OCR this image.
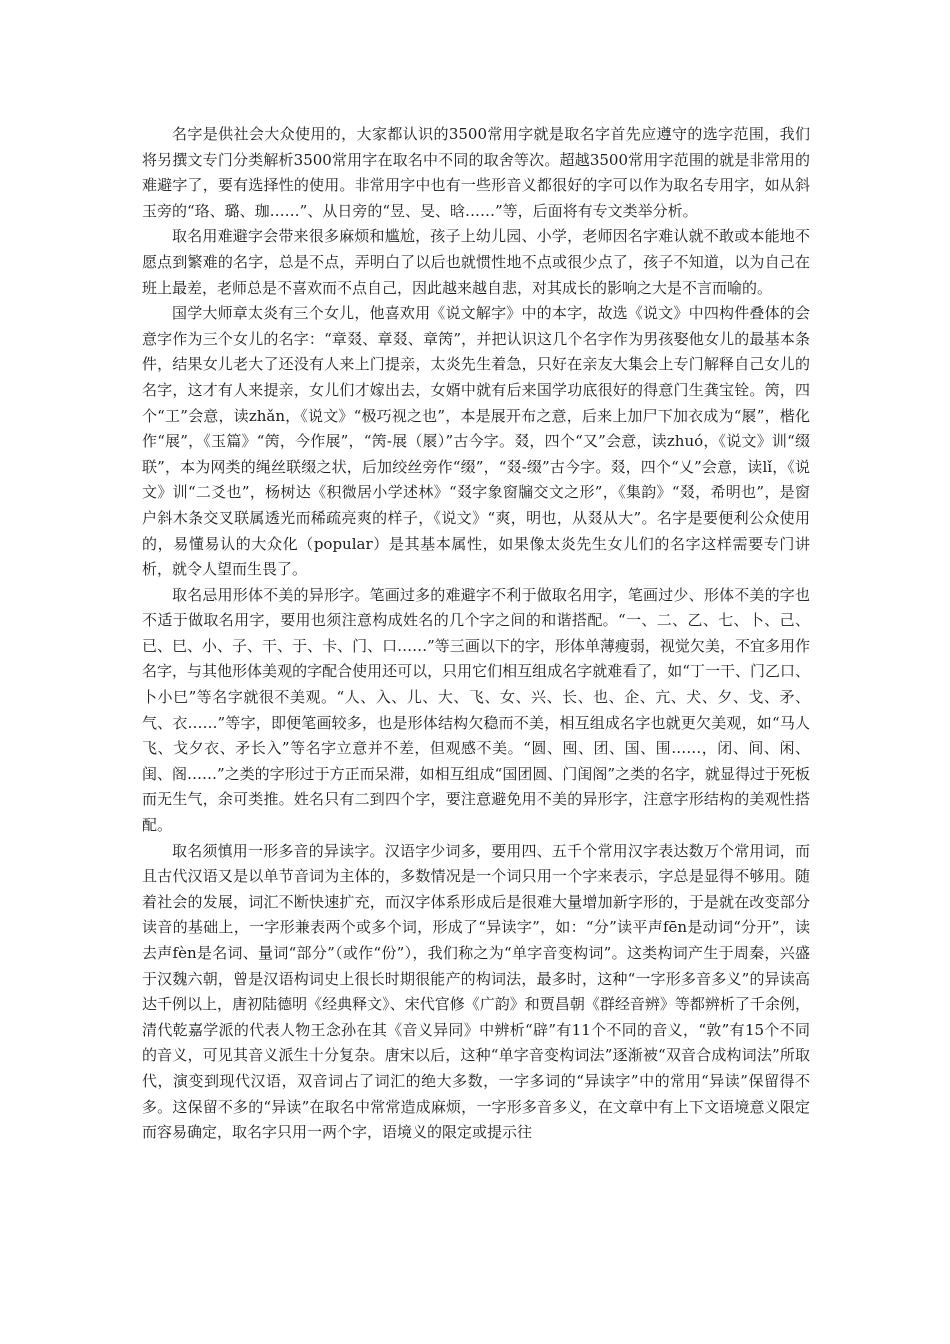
名字是供社会大众使用的，大家都认识的3500常用字就是取名字首先应遵守的选字范围，我们将另撰文专门分类解析3500常用字在取名中不同的取舍等次。超越3500常用字范围的就是非常用的难避字了，要有选择性的使用。非常用字中也有一些形音义都很好的字可以作为取名专用字，如从斜玉旁的“珞、璐、珈……”、从日旁的“昱、旻、晗……”等，后面将有专文类举分析。

取名用难避字会带来很多麻烦和尴尬，孩子上幼儿园、小学，老师因名字难认就不敢或本能地不愿点到繁难的名字，总是不点，弄明白了以后也就惯性地不点或很少点了，孩子不知道，以为自己在班上最差，老师总是不喜欢而不点自己，因此越来越自悲，对其成长的影响之大是不言而喻的。

国学大师章太炎有三个女儿，他喜欢用《说文解字》中的本字，故选《说文》中四构件叠体的会意字作为三个女儿的名字：“章叕、章叕、章䇤”，并把认识这几个名字作为男孩娶他女儿的最基本条件，结果女儿老大了还没有人来上门提亲，太炎先生着急，只好在亲友大集会上专门解释自己女儿的名字，这才有人来提亲，女儿们才嫁出去，女婿中就有后来国学功底很好的得意门生龚宝铨。䇤，四个“工”会意，读zhǎn，《说文》“极巧视之也”，本是展开布之意，后来上加尸下加衣成为“㞡”，楷化作“展”，《玉篇》“䇤，今作展”，“䇤-展（㞡）”古今字。叕，四个“又”会意，读zhuó，《说文》训“缀联”，本为网类的绳丝联缀之状，后加绞丝旁作“缀”，“叕-缀”古今字。叕，四个“乂”会意，读lǐ，《说文》训“二爻也”，杨树达《积微居小学述林》“叕字象窗牖交文之形”，《集韵》“叕，希明也”，是窗户斜木条交叉联属透光而稀疏亮爽的样子，《说文》“爽，明也，从叕从大”。名字是要便利公众使用的，易懂易认的大众化（popular）是其基本属性，如果像太炎先生女儿们的名字这样需要专门讲析，就令人望而生畏了。

取名忌用形体不美的异形字。笔画过多的难避字不利于做取名用字，笔画过少、形体不美的字也不适于做取名用字，要用也须注意构成姓名的几个字之间的和谐搭配。“一、二、乙、七、卜、己、已、巳、小、子、干、于、卡、门、口……”等三画以下的字，形体单薄瘦弱，视觉欠美，不宜多用作名字，与其他形体美观的字配合使用还可以，只用它们相互组成名字就难看了，如“丁一干、门乙口、卜小巳”等名字就很不美观。“人、入、儿、大、飞、女、兴、长、也、企、亢、犬、夕、戈、矛、气、衣……”等字，即便笔画较多，也是形体结构欠稳而不美，相互组成名字也就更欠美观，如“马人飞、戈夕衣、矛长入”等名字立意并不差，但观感不美。“圆、囤、团、国、围……，闭、间、闲、闺、阁……”之类的字形过于方正而呆滞，如相互组成“国团圆、门闺阁”之类的名字，就显得过于死板而无生气，余可类推。姓名只有二到四个字，要注意避免用不美的异形字，注意字形结构的美观性搭配。

取名须慎用一形多音的异读字。汉语字少词多，要用四、五千个常用汉字表达数万个常用词，而且古代汉语又是以单节音词为主体的，多数情况是一个词只用一个字来表示，字总是显得不够用。随着社会的发展，词汇不断快速扩充，而汉字体系形成后是很难大量增加新字形的，于是就在改变部分读音的基础上，一字形兼表两个或多个词，形成了“异读字”，如：“分”读平声fēn是动词“分开”，读去声fèn是名词、量词“部分”（或作“份”），我们称之为“单字音变构词”。这类构词产生于周秦，兴盛于汉魏六朝，曾是汉语构词史上很长时期很能产的构词法，最多时，这种“一字形多音多义”的异读高达千例以上，唐初陆德明《经典释文》、宋代官修《广韵》和贾昌朝《群经音辨》等都辨析了千余例，清代乾嘉学派的代表人物王念孙在其《音义异同》中辨析“辟”有11个不同的音义，“敦”有15个不同的音义，可见其音义派生十分复杂。唐宋以后，这种“单字音变构词法”逐渐被“双音合成构词法”所取代，演变到现代汉语，双音词占了词汇的绝大多数，一字多词的“异读字”中的常用“异读”保留得不多。这保留不多的“异读”在取名中常常造成麻烦，一字形多音多义，在文章中有上下文语境意义限定而容易确定，取名字只用一两个字，语境义的限定或提示往
